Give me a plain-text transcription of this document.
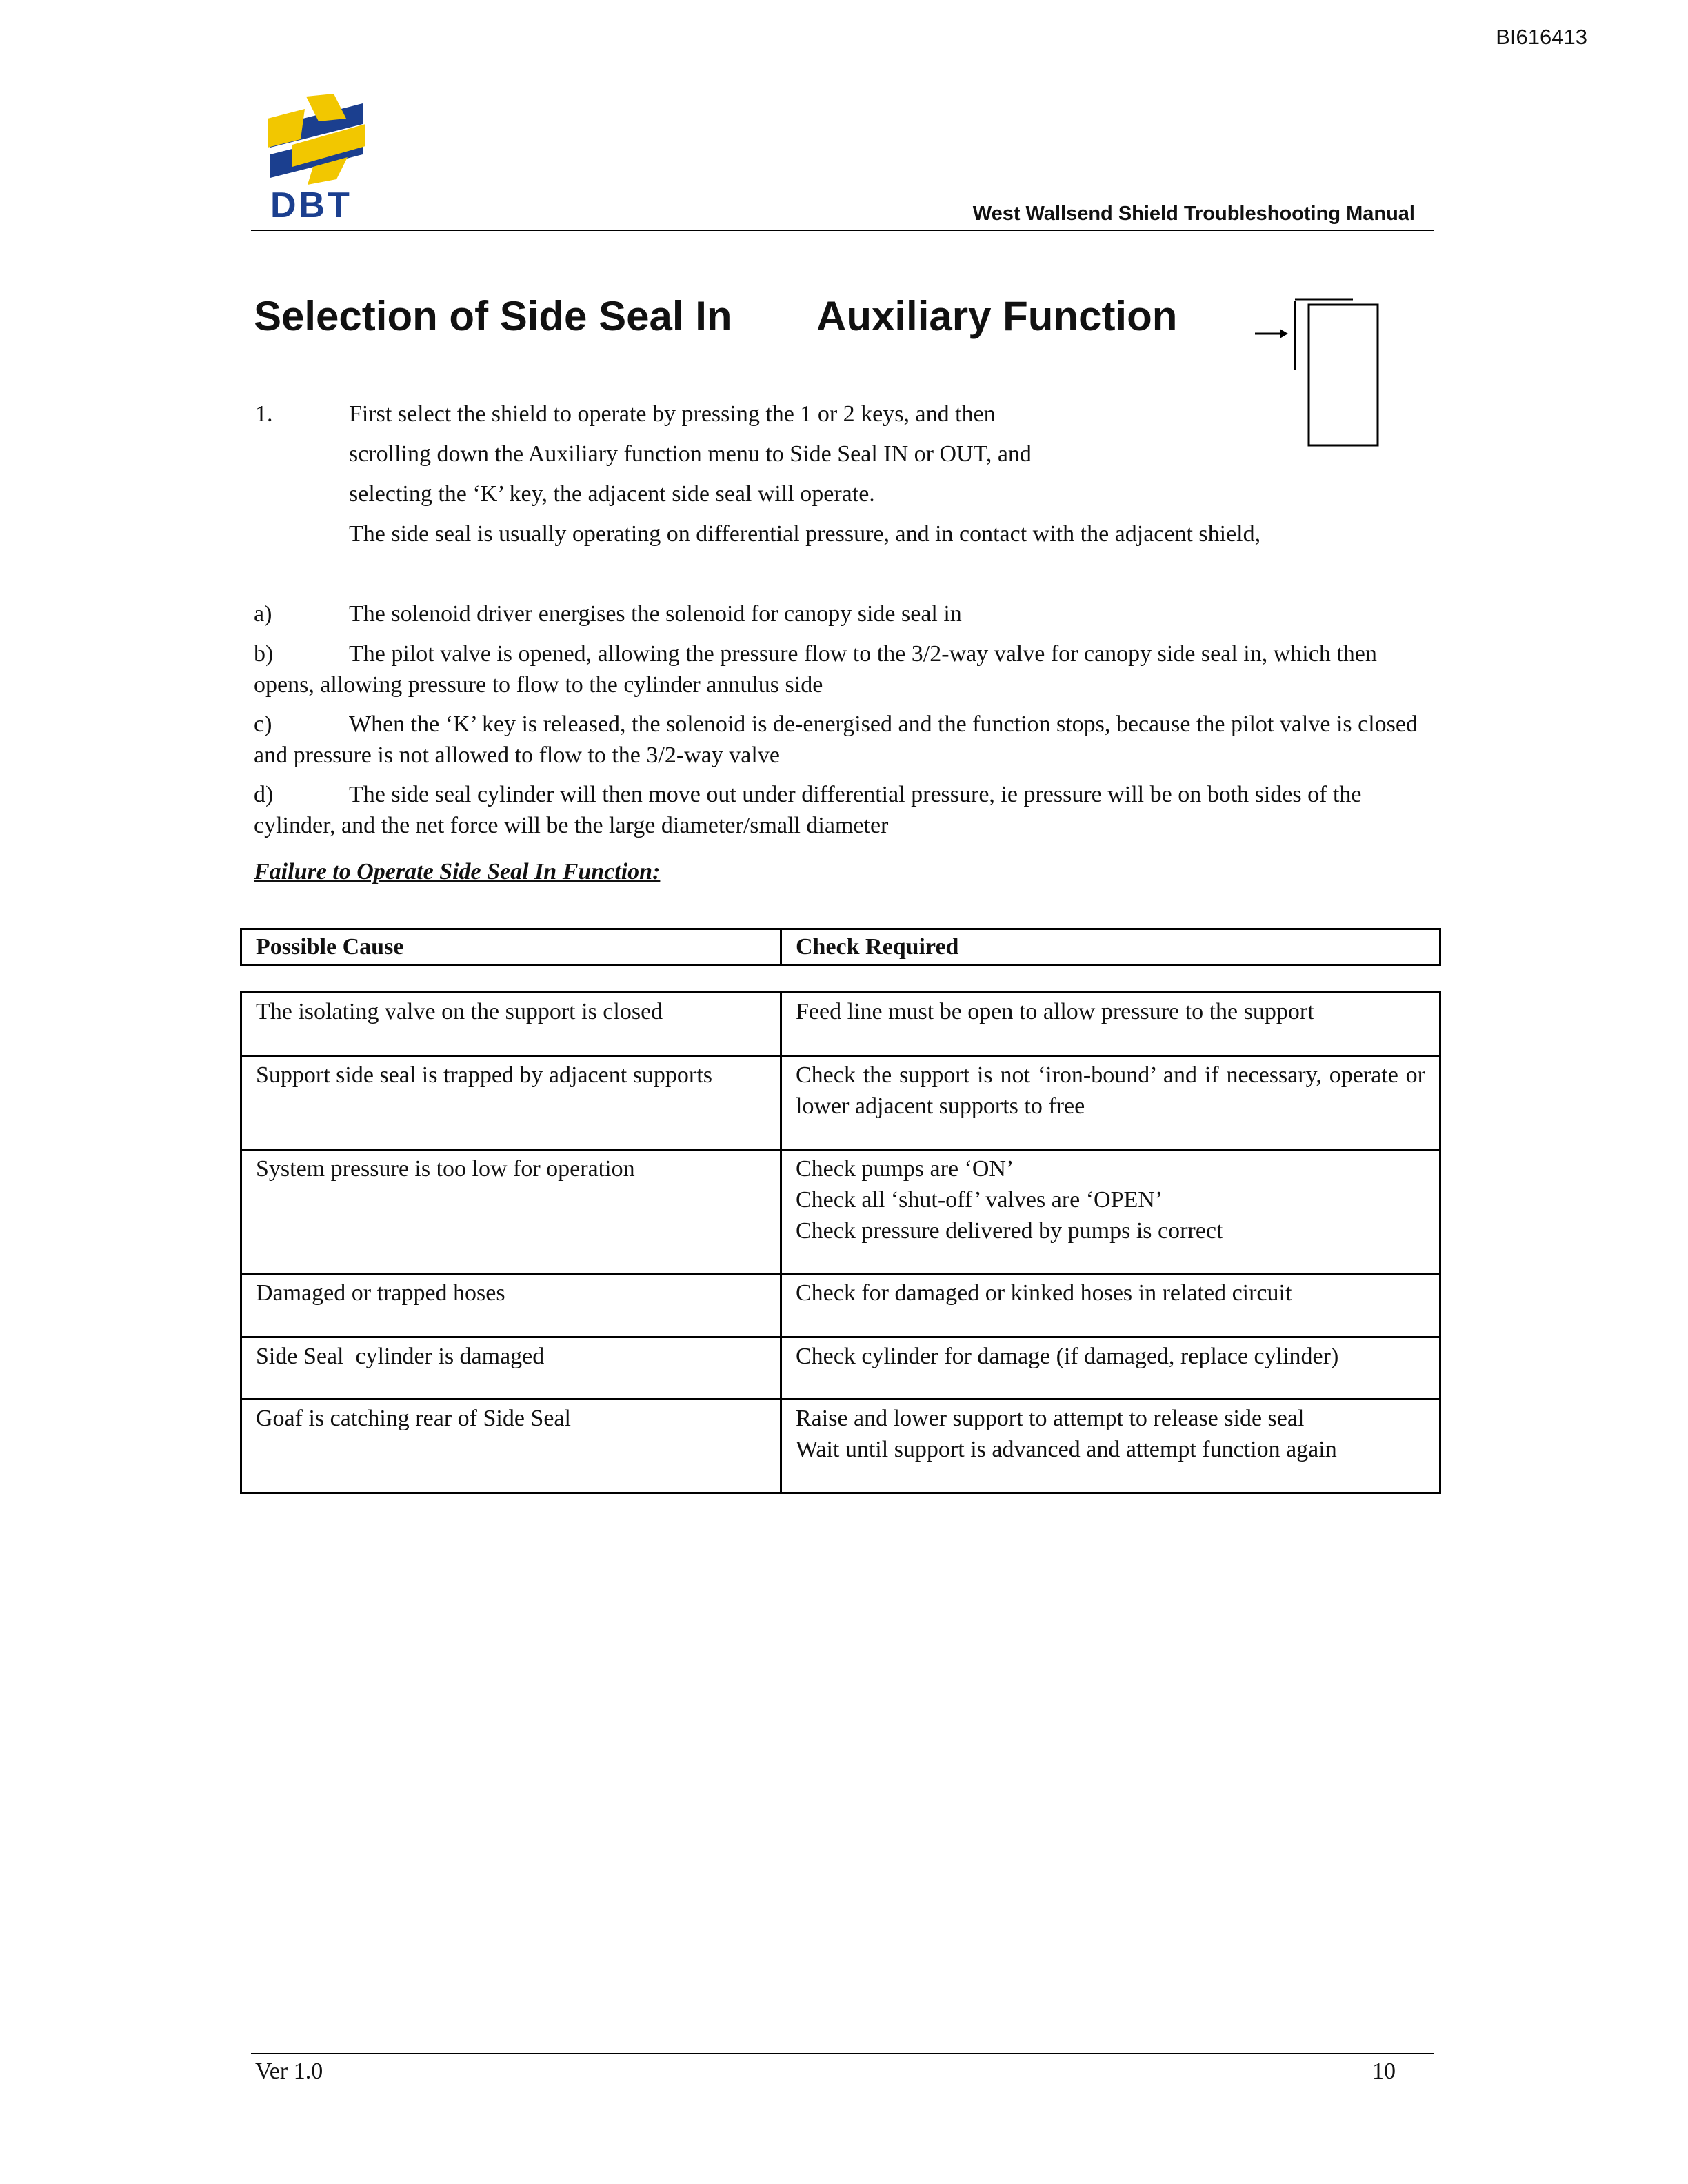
BI616413
DBT	West Wallsend Shield Troubleshooting Manual
Selection of Side Seal In Auxiliary Function
1.	First select the shield to operate by pressing the 1 or 2 keys, and then
scrolling down the Auxiliary function menu to Side Seal IN or OUT, and
selecting the ‘K’ key, the adjacent side seal will operate.
The side seal is usually operating on differential pressure, and in contact with the adjacent shield,
a)	The solenoid driver energises the solenoid for canopy side seal in
b)	The pilot valve is opened, allowing the pressure flow to the 3/2-way valve for canopy side seal in, which then opens, allowing pressure to flow to the cylinder annulus side
c)	When the ‘K’ key is released, the solenoid is de-energised and the function stops, because the pilot valve is closed and pressure is not allowed to flow to the 3/2-way valve
d)	The side seal cylinder will then move out under differential pressure, ie pressure will be on both sides of the cylinder, and the net force will be the large diameter/small diameter
Failure to Operate Side Seal In Function:
Possible Cause	Check Required
The isolating valve on the support is closed	Feed line must be open to allow pressure to the support

Support side seal is trapped by adjacent supports	Check the support is not ‘iron-bound’ and if necessary, operate or lower adjacent supports to free

System pressure is too low for operation	Check pumps are ‘ON’
Check all ‘shut-off’ valves are ‘OPEN’
Check pressure delivered by pumps is correct

Damaged or trapped hoses	Check for damaged or kinked hoses in related circuit

Side Seal  cylinder is damaged	Check cylinder for damage (if damaged, replace cylinder)

Goaf is catching rear of Side Seal	Raise and lower support to attempt to release side seal
Wait until support is advanced and attempt function again
Ver 1.0	10
